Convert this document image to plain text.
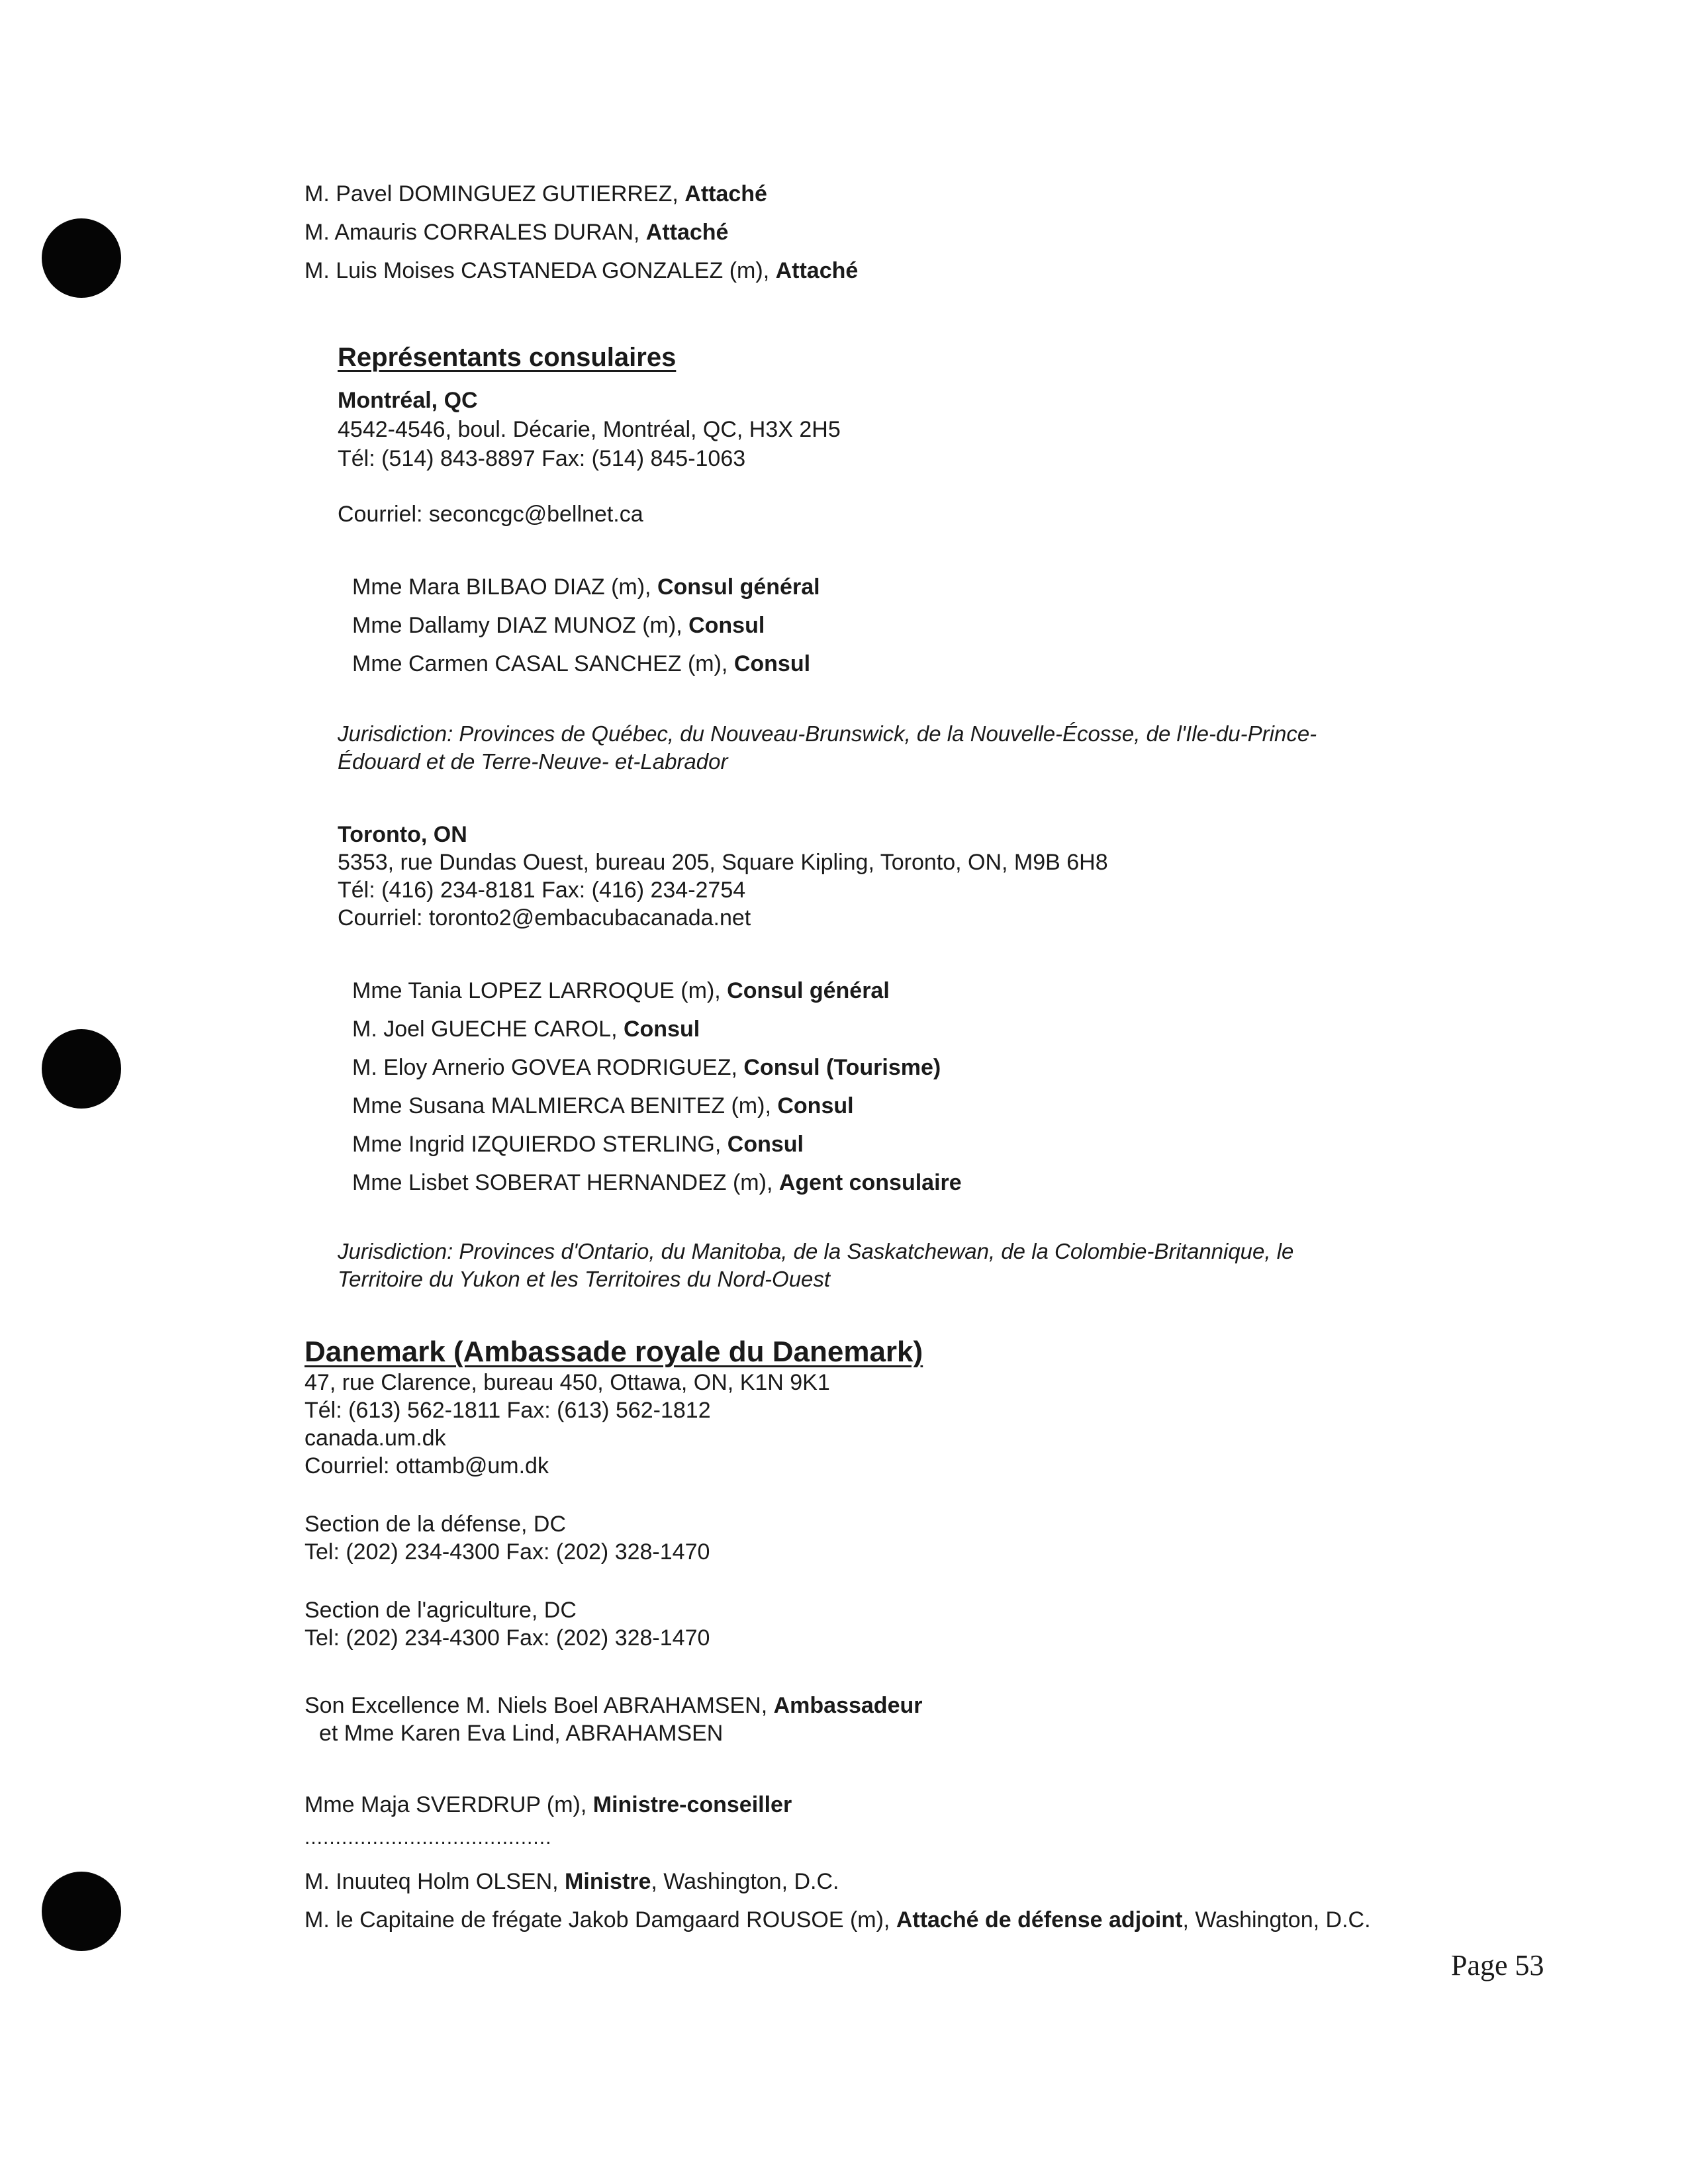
M. Pavel DOMINGUEZ GUTIERREZ, Attaché
M. Amauris CORRALES DURAN, Attaché
M. Luis Moises CASTANEDA GONZALEZ (m), Attaché
Représentants consulaires
Montréal, QC
4542-4546, boul. Décarie, Montréal, QC, H3X 2H5
Tél: (514) 843-8897 Fax: (514) 845-1063
Courriel: seconcgc@bellnet.ca
Mme Mara BILBAO DIAZ (m), Consul général
Mme Dallamy DIAZ MUNOZ (m), Consul
Mme Carmen CASAL SANCHEZ (m), Consul
Jurisdiction: Provinces de Québec, du Nouveau-Brunswick, de la Nouvelle-Écosse, de l'Ile-du-Prince-
Édouard et de Terre-Neuve- et-Labrador
Toronto, ON
5353, rue Dundas Ouest, bureau 205, Square Kipling, Toronto, ON, M9B 6H8
Tél: (416) 234-8181 Fax: (416) 234-2754
Courriel: toronto2@embacubacanada.net
Mme Tania LOPEZ LARROQUE (m), Consul général
M. Joel GUECHE CAROL, Consul
M. Eloy Arnerio GOVEA RODRIGUEZ, Consul (Tourisme)
Mme Susana MALMIERCA BENITEZ (m), Consul
Mme Ingrid IZQUIERDO STERLING, Consul
Mme Lisbet SOBERAT HERNANDEZ (m), Agent consulaire
Jurisdiction: Provinces d'Ontario, du Manitoba, de la Saskatchewan, de la Colombie-Britannique, le
Territoire du Yukon et les Territoires du Nord-Ouest
Danemark (Ambassade royale du Danemark)
47, rue Clarence, bureau 450, Ottawa, ON, K1N 9K1
Tél: (613) 562-1811 Fax: (613) 562-1812
canada.um.dk
Courriel: ottamb@um.dk
Section de la défense, DC
Tel: (202) 234-4300 Fax: (202) 328-1470
Section de l'agriculture, DC
Tel: (202) 234-4300 Fax: (202) 328-1470
Son Excellence M. Niels Boel ABRAHAMSEN, Ambassadeur
et Mme Karen Eva Lind, ABRAHAMSEN
Mme Maja SVERDRUP (m), Ministre-conseiller
........................................
M. Inuuteq Holm OLSEN, Ministre, Washington, D.C.
M. le Capitaine de frégate Jakob Damgaard ROUSOE (m), Attaché de défense adjoint, Washington, D.C.
Page 53
